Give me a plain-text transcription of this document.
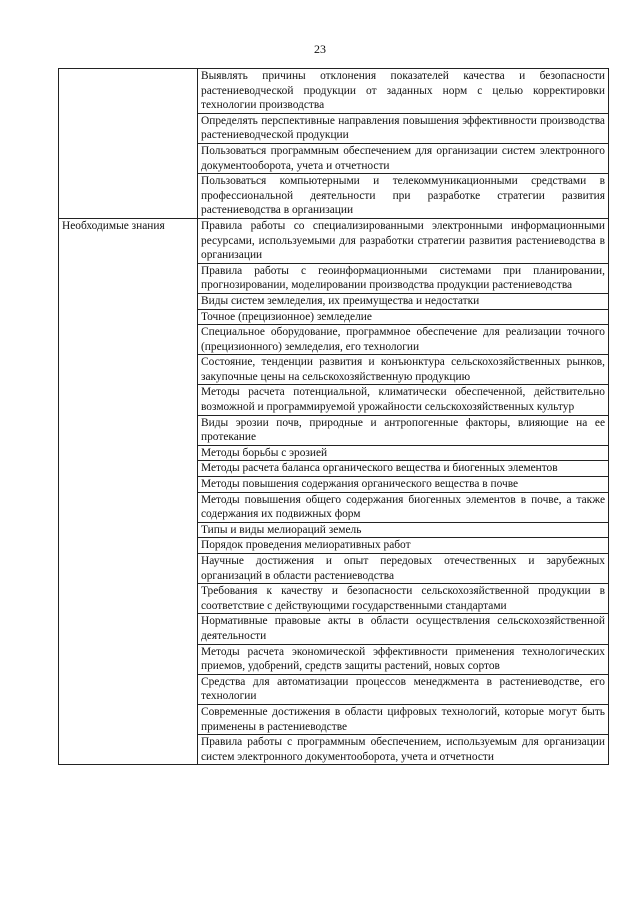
23
	Выявлять причины отклонения показателей качества и безопасности растениеводческой продукции от заданных норм с целью корректировки технологии производства
	Определять перспективные направления повышения эффективности производства растениеводческой продукции
	Пользоваться программным обеспечением для организации систем электронного документооборота, учета и отчетности
	Пользоваться компьютерными и телекоммуникационными средствами в профессиональной деятельности при разработке стратегии развития растениеводства в организации
Необходимые знания	Правила работы со специализированными электронными информационными ресурсами, используемыми для разработки стратегии развития растениеводства в организации
	Правила работы с геоинформационными системами при планировании, прогнозировании, моделировании производства продукции растениеводства
	Виды систем земледелия, их преимущества и недостатки
	Точное (прецизионное) земледелие
	Специальное оборудование, программное обеспечение для реализации точного (прецизионного) земледелия, его технологии
	Состояние, тенденции развития и конъюнктура сельскохозяйственных рынков, закупочные цены на сельскохозяйственную продукцию
	Методы расчета потенциальной, климатически обеспеченной, действительно возможной и программируемой урожайности сельскохозяйственных культур
	Виды эрозии почв, природные и антропогенные факторы, влияющие на ее протекание
	Методы борьбы с эрозией
	Методы расчета баланса органического вещества и биогенных элементов
	Методы повышения содержания органического вещества в почве
	Методы повышения общего содержания биогенных элементов в почве, а также содержания их подвижных форм
	Типы и виды мелиораций земель
	Порядок проведения мелиоративных работ
	Научные достижения и опыт передовых отечественных и зарубежных организаций в области растениеводства
	Требования к качеству и безопасности сельскохозяйственной продукции в соответствие с действующими государственными стандартами
	Нормативные правовые акты в области осуществления сельскохозяйственной деятельности
	Методы расчета экономической эффективности применения технологических приемов, удобрений, средств защиты растений, новых сортов
	Средства для автоматизации процессов менеджмента в растениеводстве, его технологии
	Современные достижения в области цифровых технологий, которые могут быть применены в растениеводстве
	Правила работы с программным обеспечением, используемым для организации систем электронного документооборота, учета и отчетности
